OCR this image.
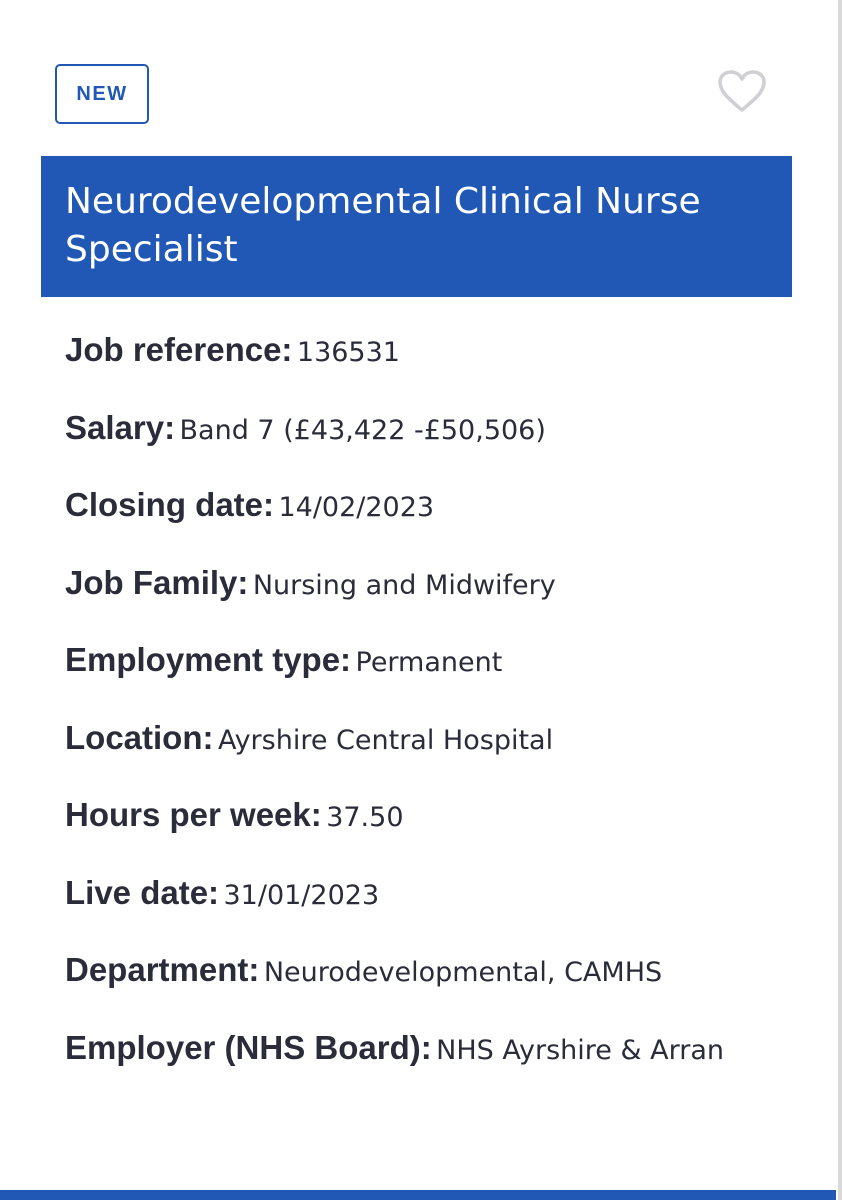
NEW
Neurodevelopmental Clinical Nurse Specialist

Job reference: 136531

Salary: Band 7 (£43,422 -£50,506)

Closing date: 14/02/2023

Job Family: Nursing and Midwifery

Employment type: Permanent

Location: Ayrshire Central Hospital

Hours per week: 37.50

Live date: 31/01/2023

Department: Neurodevelopmental, CAMHS

Employer (NHS Board): NHS Ayrshire & Arran
